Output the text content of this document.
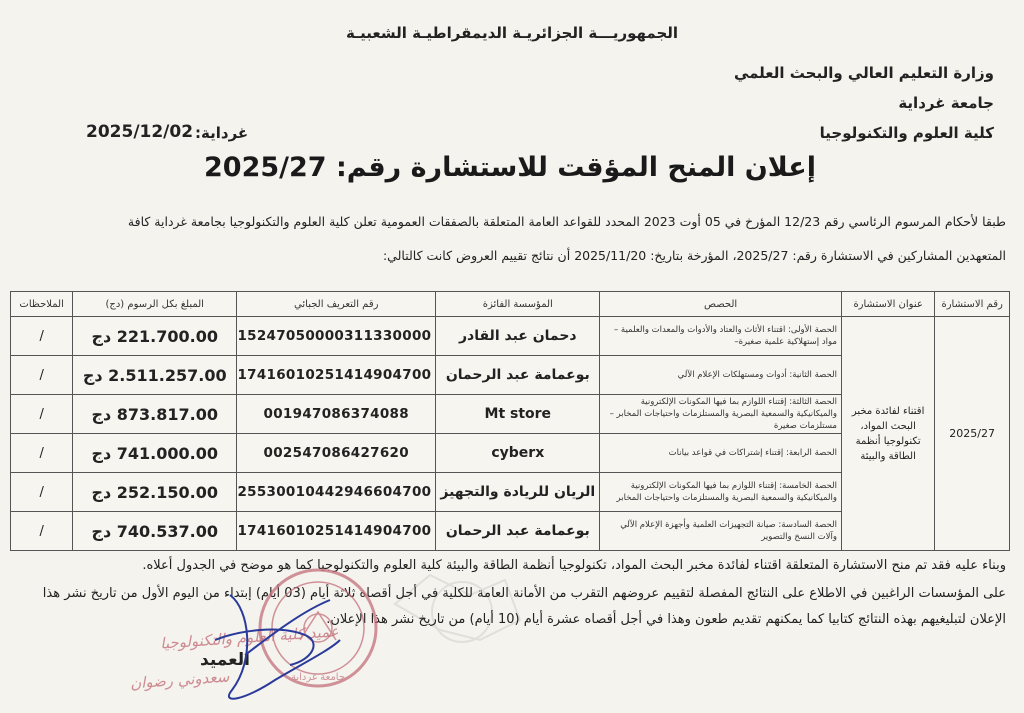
الجمهوريـــة الجزائريـة الديمقراطيـة الشعبيـة
وزارة التعليم العالي والبحث العلمي
جامعة غرداية
كلية العلوم والتكنولوجيا
غرداية:
2025/12/02
إعلان المنح المؤقت للاستشارة رقم: 2025/27
طبقا لأحكام المرسوم الرئاسي رقم 12/23 المؤرخ في 05 أوت 2023 المحدد للقواعد العامة المتعلقة بالصفقات العمومية تعلن كلية العلوم والتكنولوجيا بجامعة غرداية كافة
المتعهدين المشاركين في الاستشارة رقم: 2025/27، المؤرخة بتاريخ: 2025/11/20 أن نتائج تقييم العروض كانت كالتالي:
رقم الاستشارة	عنوان الاستشارة	الحصص	المؤسسة الفائزة	رقم التعريف الجبائي	المبلغ بكل الرسوم (دج)	الملاحظات
2025/27	اقتناء لفائدة مخبر البحث المواد، تكنولوجيا أنظمة الطاقة والبيئة	الحصة الأولى: اقتناء الأثاث والعتاد والأدوات والمعدات والعلمية –مواد إستهلاكية علمية صغيرة–	دحمان عبد القادر	15247050000311330000	221.700.00 دج	/
		الحصة الثانية: أدوات ومستهلكات الإعلام الآلي	بوعمامة عبد الرحمان	17416010251414904700	2.511.257.00 دج	/
		الحصة الثالثة: إقتناء اللوازم بما فيها المكونات الإلكترونية والميكانيكية والسمعية البصرية والمستلزمات واحتياجات المخابر – مستلزمات صغيرة	Mt store	001947086374088	873.817.00 دج	/
		الحصة الرابعة: إقتناء إشتراكات في قواعد بيانات	cyberx	002547086427620	741.000.00 دج	/
		الحصة الخامسة: إقتناء اللوازم بما فيها المكونات الإلكترونية والميكانيكية والسمعية البصرية والمستلزمات واحتياجات المخابر	الريان للريادة والتجهيز	25530010442946604700	252.150.00 دج	/
		الحصة السادسة: صيانة التجهيزات العلمية وأجهزة الإعلام الآلي وآلات النسخ والتصوير	بوعمامة عبد الرحمان	17416010251414904700	740.537.00 دج	/
وبناء عليه فقد تم منح الاستشارة المتعلقة اقتناء لفائدة مخبر البحث المواد، تكنولوجيا أنظمة الطاقة والبيئة كلية العلوم والتكنولوجيا كما هو موضح في الجدول أعلاه.
على المؤسسات الراغبين في الاطلاع على النتائج المفصلة لتقييم عروضهم التقرب من الأمانة العامة للكلية في أجل أقصاه ثلاثة أيام (03 أيام) إبتداء من اليوم الأول من تاريخ نشر هذا
الإعلان لتبليغيهم بهذه النتائج كتابيا كما يمكنهم تقديم طعون وهذا في أجل أقصاه عشرة أيام (10 أيام) من تاريخ نشر هذا الإعلان.
العميد
جامعة غرداية
عميد كلية العلوم والتكنولوجيا
سعدوني رضوان
